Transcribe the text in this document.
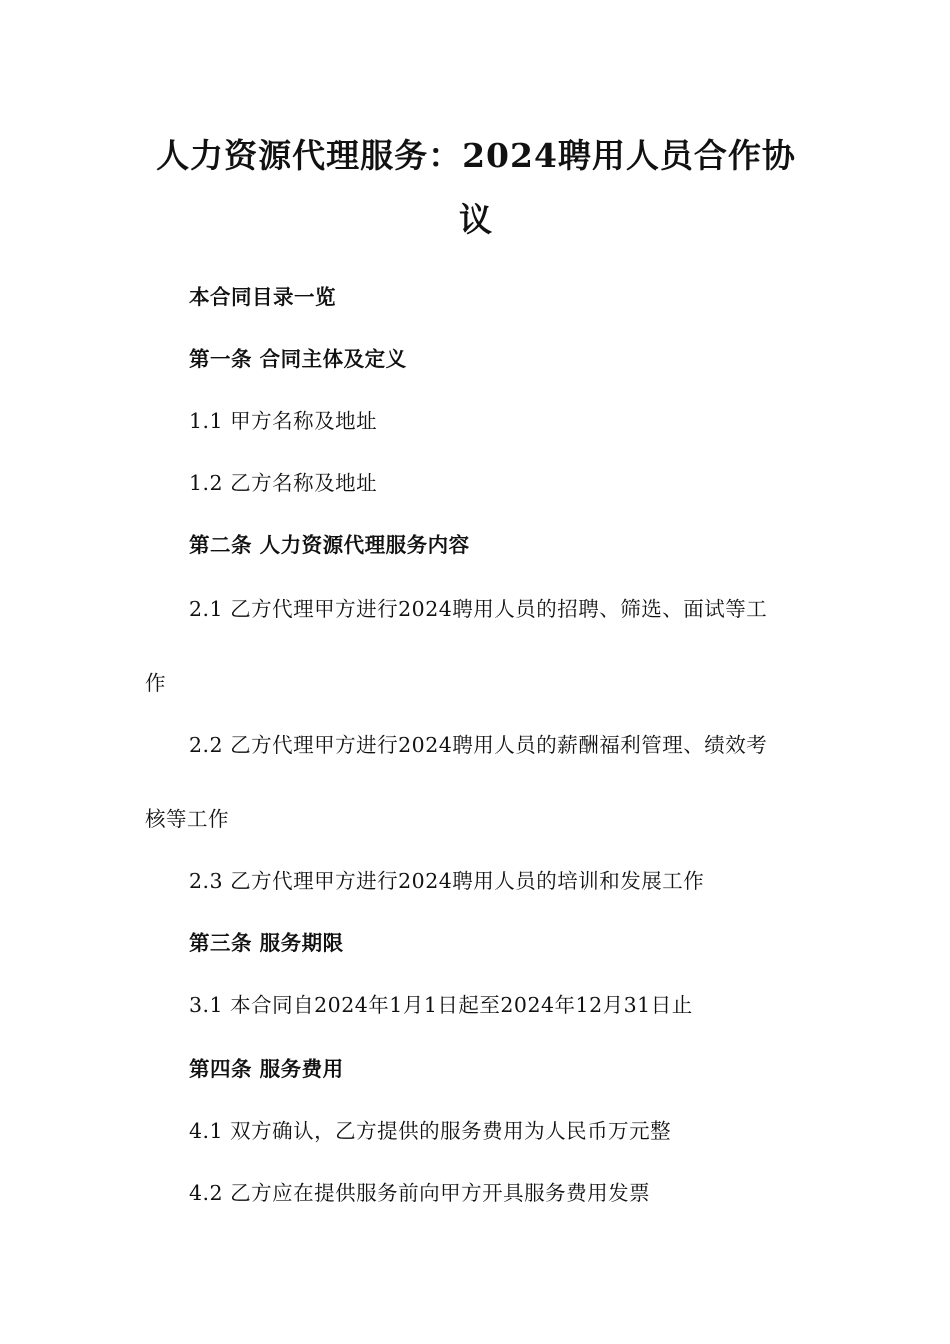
人力资源代理服务：2024聘用人员合作协
议

本合同目录一览

第一条 合同主体及定义

1.1 甲方名称及地址

1.2 乙方名称及地址

第二条 人力资源代理服务内容

2.1 乙方代理甲方进行2024聘用人员的招聘、筛选、面试等工

作

2.2 乙方代理甲方进行2024聘用人员的薪酬福利管理、绩效考

核等工作

2.3 乙方代理甲方进行2024聘用人员的培训和发展工作

第三条 服务期限

3.1 本合同自2024年1月1日起至2024年12月31日止

第四条 服务费用

4.1 双方确认，乙方提供的服务费用为人民币万元整

4.2 乙方应在提供服务前向甲方开具服务费用发票
